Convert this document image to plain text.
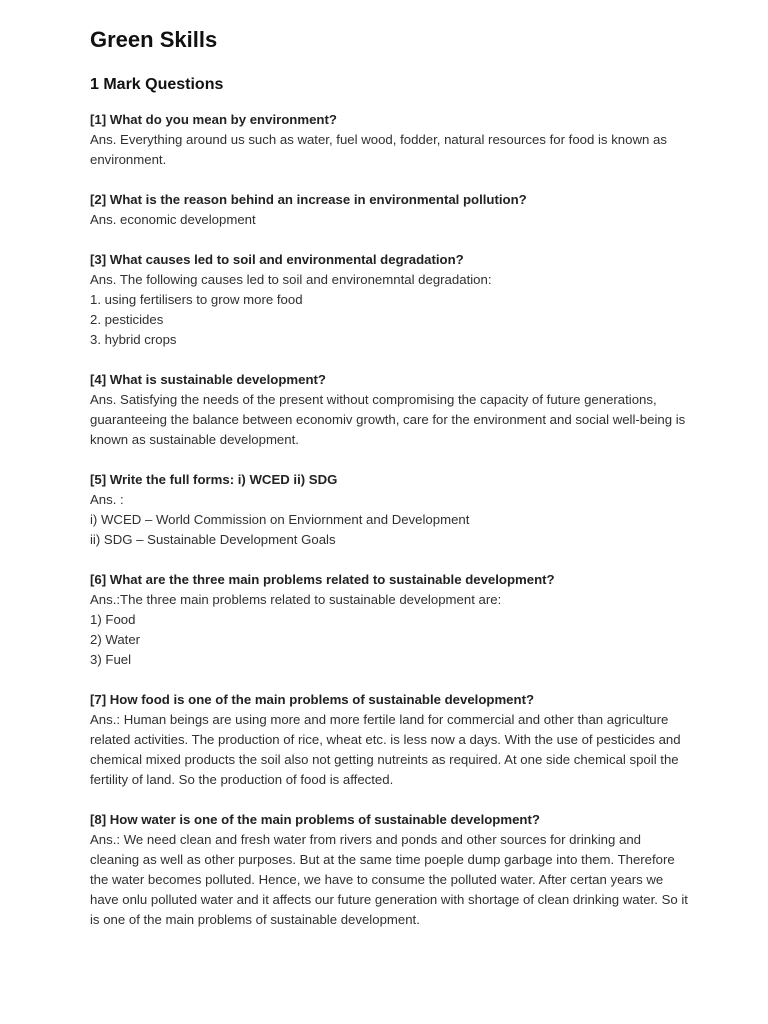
Green Skills
1 Mark Questions

[1] What do you mean by environment?

Ans. Everything around us such as water, fuel wood, fodder, natural resources for food is known as environment.

[2] What is the reason behind an increase in environmental pollution?

Ans. economic development

[3] What causes led to soil and environmental degradation?

Ans. The following causes led to soil and environemntal degradation:

1. using fertilisers to grow more food

2. pesticides

3. hybrid crops

[4] What is sustainable development?

Ans. Satisfying the needs of the present without compromising the capacity of future generations, guaranteeing the balance between economiv growth, care for the environment and social well-being is known as sustainable development.

[5] Write the full forms: i) WCED ii) SDG

Ans. :

i) WCED – World Commission on Enviornment and Development

ii) SDG – Sustainable Development Goals

[6] What are the three main problems related to sustainable development?

Ans.:The three main problems related to sustainable development are:

1) Food

2) Water

3) Fuel

[7] How food is one of the main problems of sustainable development?

Ans.: Human beings are using more and more fertile land for commercial and other than agriculture related activities. The production of rice, wheat etc. is less now a days. With the use of pesticides and chemical mixed products the soil also not getting nutreints as required. At one side chemical spoil the fertility of land. So the production of food is affected.

[8] How water is one of the main problems of sustainable development?

Ans.: We need clean and fresh water from rivers and ponds and other sources for drinking and cleaning as well as other purposes. But at the same time poeple dump garbage into them. Therefore the water becomes polluted. Hence, we have to consume the polluted water. After certan years we have onlu polluted water and it affects our future generation with shortage of clean drinking water. So it is one of the main problems of sustainable development.
